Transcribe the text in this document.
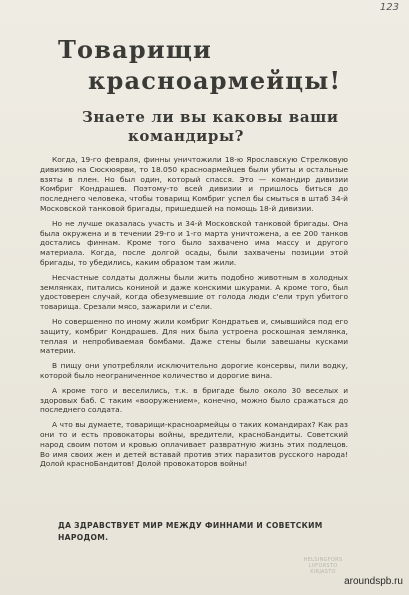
123
Товарищи
красноармейцы!
Знаете ли вы каковы ваши
командиры?

Когда, 19-го февраля, финны уничтожили 18-ю Ярославскую Стрелковую дивизию на Сюскюярви, то 18.050 красноармейцев были убиты и остальные взяты в плен. Но был один, который спасся. Это — командир дивизии Комбриг Кондрашев. Поэтому-то всей дивизии и пришлось биться до последнего человека, чтобы товарищ Комбриг успел бы смыться в штаб 34-й Московской танковой бригады, пришедшей на помощь 18-й дивизии.

Но не лучше оказалась участь и 34-й Московской танковой бригады. Она была окружена и в течении 29-го и 1-го марта уничтожена, а ее 200 танков достались финнам. Кроме того было захвачено има массу и другого материала. Когда, после долгой осады, были захвачены позиции этой бригады, то убедились, каким образом там жили.

Несчастные солдаты должны были жить подобно животным в холодных землянках, питались кониной и даже конскими шкурами. А кроме того, был удостоверен случай, когда обезумевшие от голода люди с'ели труп убитого товарища. Срезали мясо, зажарили и с'ели.

Но совершенно по иному жили комбриг Кондратьев и, смывшийся под его защиту, комбриг Кондрашев. Для них была устроена роскошная землянка, теплая и непробиваемая бомбами. Даже стены были завешаны кусками материи.

В пищу они употребляли исключительно дорогие консервы, пили водку, которой было неограниченное количество и дорогие вина.

А кроме того и веселились, т.к. в бригаде было около 30 веселых и здоровых баб. С таким «вооружением», конечно, можно было сражаться до последнего солдата.

А что вы думаете, товарищи-красноармейцы о таких командирах? Как раз они то и есть провокаторы войны, вредители, красноБандиты. Советский народ своим потом и кровью оплачивает развратную жизнь этих подлецов. Во имя своих жен и детей вставай против этих паразитов русского народа! Долой красноБандитов! Долой провокаторов войны!

ДА ЗДРАВСТВУЕТ МИР МЕЖДУ ФИННАМИ И СОВЕТСКИМ
НАРОДОМ.
HELSINGFORS
LIIFORSTO
KIRJASTO
aroundspb.ru
